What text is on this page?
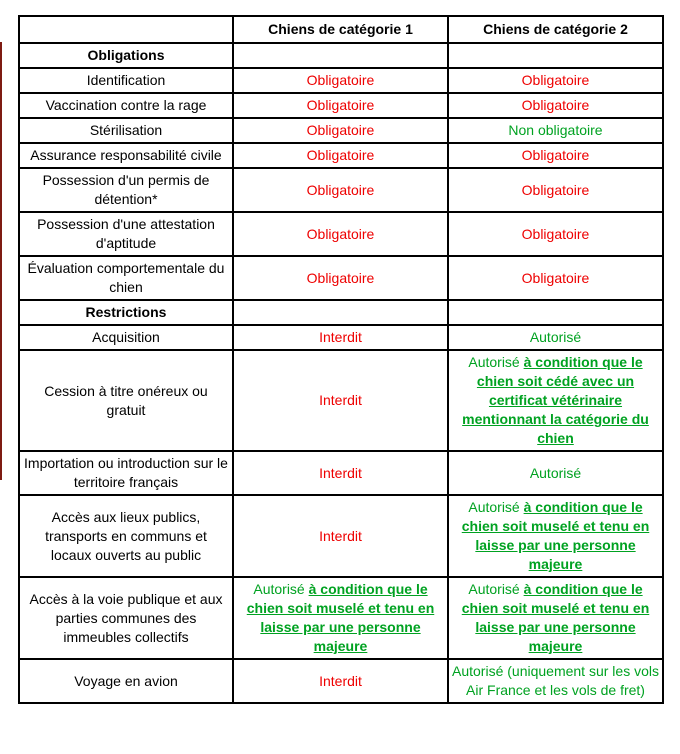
	Chiens de catégorie 1	Chiens de catégorie 2
Obligations		
Identification	Obligatoire	Obligatoire
Vaccination contre la rage	Obligatoire	Obligatoire
Stérilisation	Obligatoire	Non obligatoire
Assurance responsabilité civile	Obligatoire	Obligatoire
Possession d'un permis de détention*	Obligatoire	Obligatoire
Possession d'une attestation d'aptitude	Obligatoire	Obligatoire
Évaluation comportementale du chien	Obligatoire	Obligatoire
Restrictions		
Acquisition	Interdit	Autorisé
Cession à titre onéreux ou gratuit	Interdit	Autorisé à condition que le chien soit cédé avec un certificat vétérinaire mentionnant la catégorie du chien
Importation ou introduction sur le territoire français	Interdit	Autorisé
Accès aux lieux publics, transports en communs et locaux ouverts au public	Interdit	Autorisé à condition que le chien soit muselé et tenu en laisse par une personne majeure
Accès à la voie publique et aux parties communes des immeubles collectifs	Autorisé à condition que le chien soit muselé et tenu en laisse par une personne majeure	Autorisé à condition que le chien soit muselé et tenu en laisse par une personne majeure
Voyage en avion	Interdit	Autorisé (uniquement sur les vols Air France et les vols de fret)
